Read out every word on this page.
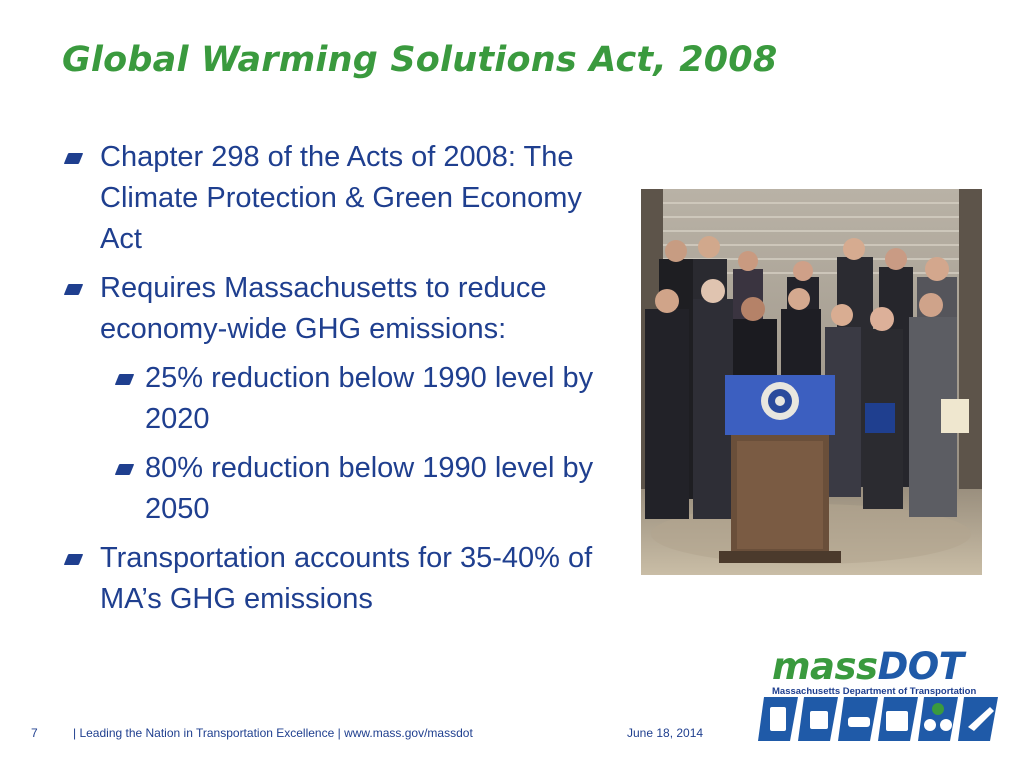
Global Warming Solutions Act, 2008
Chapter 298 of the Acts of 2008: The Climate Protection & Green Economy Act
Requires Massachusetts to reduce economy-wide GHG emissions:
25% reduction below 1990 level by 2020
80% reduction below 1990 level by 2050
Transportation accounts for 35-40% of MA’s GHG emissions
massDOT
Massachusetts Department of Transportation
7	| Leading the Nation in Transportation Excellence | www.mass.gov/massdot	June 18, 2014
